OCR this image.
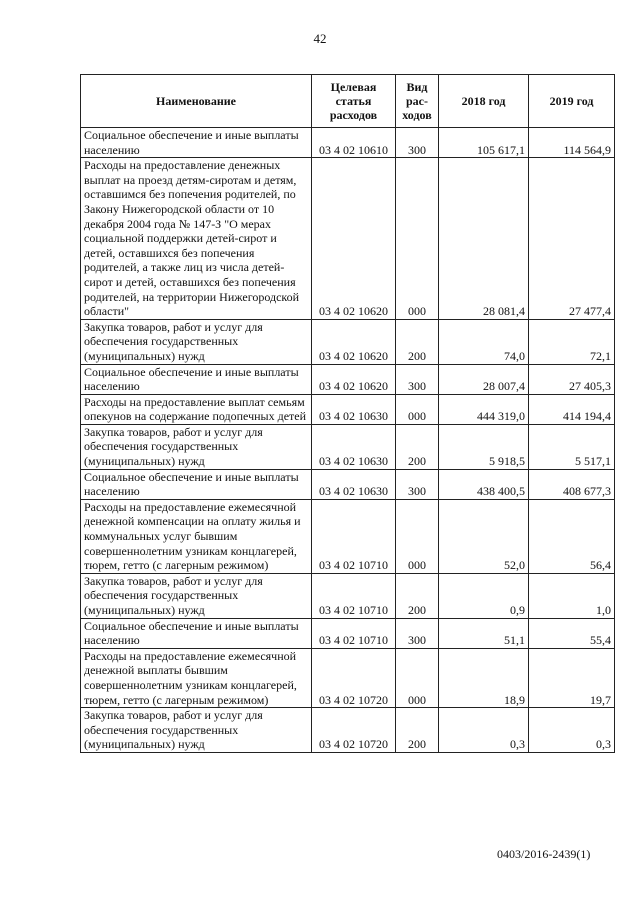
42
Наименование	Целевая статья расходов	Вид рас-ходов	2018 год	2019 год
Социальное обеспечение и иные выплаты населению	03 4 02 10610	300	105 617,1	114 564,9
Расходы на предоставление денежных выплат на проезд детям-сиротам и детям, оставшимся без попечения родителей, по Закону Нижегородской области от 10 декабря 2004 года № 147-З "О мерах социальной поддержки детей-сирот и детей, оставшихся без попечения родителей, а также лиц из числа детей-сирот и детей, оставшихся без попечения родителей, на территории Нижегородской области"	03 4 02 10620	000	28 081,4	27 477,4
Закупка товаров, работ и услуг для обеспечения государственных (муниципальных) нужд	03 4 02 10620	200	74,0	72,1
Социальное обеспечение и иные выплаты населению	03 4 02 10620	300	28 007,4	27 405,3
Расходы на предоставление выплат семьям опекунов на содержание подопечных детей	03 4 02 10630	000	444 319,0	414 194,4
Закупка товаров, работ и услуг для обеспечения государственных (муниципальных) нужд	03 4 02 10630	200	5 918,5	5 517,1
Социальное обеспечение и иные выплаты населению	03 4 02 10630	300	438 400,5	408 677,3
Расходы на предоставление ежемесячной денежной компенсации на оплату жилья и коммунальных услуг бывшим совершеннолетним узникам концлагерей, тюрем, гетто (с лагерным режимом)	03 4 02 10710	000	52,0	56,4
Закупка товаров, работ и услуг для обеспечения государственных (муниципальных) нужд	03 4 02 10710	200	0,9	1,0
Социальное обеспечение и иные выплаты населению	03 4 02 10710	300	51,1	55,4
Расходы на предоставление ежемесячной денежной выплаты бывшим совершеннолетним узникам концлагерей, тюрем, гетто (с лагерным режимом)	03 4 02 10720	000	18,9	19,7
Закупка товаров, работ и услуг для обеспечения государственных (муниципальных) нужд	03 4 02 10720	200	0,3	0,3
0403/2016-2439(1)
